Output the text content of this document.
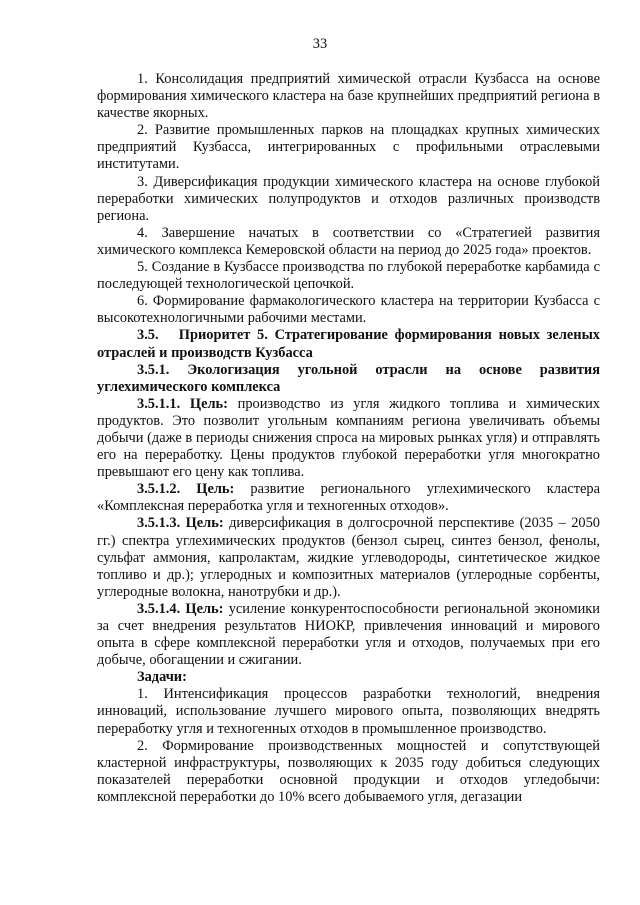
33

1. Консолидация предприятий химической отрасли Кузбасса на основе формирования химического кластера на базе крупнейших предприятий региона в качестве якорных.

2. Развитие промышленных парков на площадках крупных химических предприятий Кузбасса, интегрированных с профильными отраслевыми институтами.

3. Диверсификация продукции химического кластера на основе глубокой переработки химических полупродуктов и отходов различных производств региона.

4. Завершение начатых в соответствии со «Стратегией развития химического комплекса Кемеровской области на период до 2025 года» проектов.

5. Создание в Кузбассе производства по глубокой переработке карбамида с последующей технологической цепочкой.

6. Формирование фармакологического кластера на территории Кузбасса с высокотехнологичными рабочими местами.

3.5.   Приоритет 5. Стратегирование формирования новых зеленых отраслей и производств Кузбасса

3.5.1. Экологизация угольной отрасли на основе развития углехимического комплекса

3.5.1.1. Цель: производство из угля жидкого топлива и химических продуктов. Это позволит угольным компаниям региона увеличивать объемы добычи (даже в периоды снижения спроса на мировых рынках угля) и отправлять его на переработку. Цены продуктов глубокой переработки угля многократно превышают его цену как топлива.

3.5.1.2. Цель: развитие регионального углехимического кластера «Комплексная переработка угля и техногенных отходов».

3.5.1.3. Цель: диверсификация в долгосрочной перспективе (2035 – 2050 гг.) спектра углехимических продуктов (бензол сырец, синтез бензол, фенолы, сульфат аммония, капролактам, жидкие углеводороды, синтетическое жидкое топливо и др.); углеродных и композитных материалов (углеродные сорбенты, углеродные волокна, нанотрубки и др.).

3.5.1.4. Цель: усиление конкурентоспособности региональной экономики за счет внедрения результатов НИОКР, привлечения инноваций и мирового опыта в сфере комплексной переработки угля и отходов, получаемых при его добыче, обогащении и сжигании.

Задачи:

1. Интенсификация процессов разработки технологий, внедрения инноваций, использование лучшего мирового опыта, позволяющих внедрять переработку угля и техногенных отходов в промышленное производство.

2. Формирование производственных мощностей и сопутствующей кластерной инфраструктуры, позволяющих к 2035 году добиться следующих показателей переработки основной продукции и отходов угледобычи: комплексной переработки до 10% всего добываемого угля, дегазации
